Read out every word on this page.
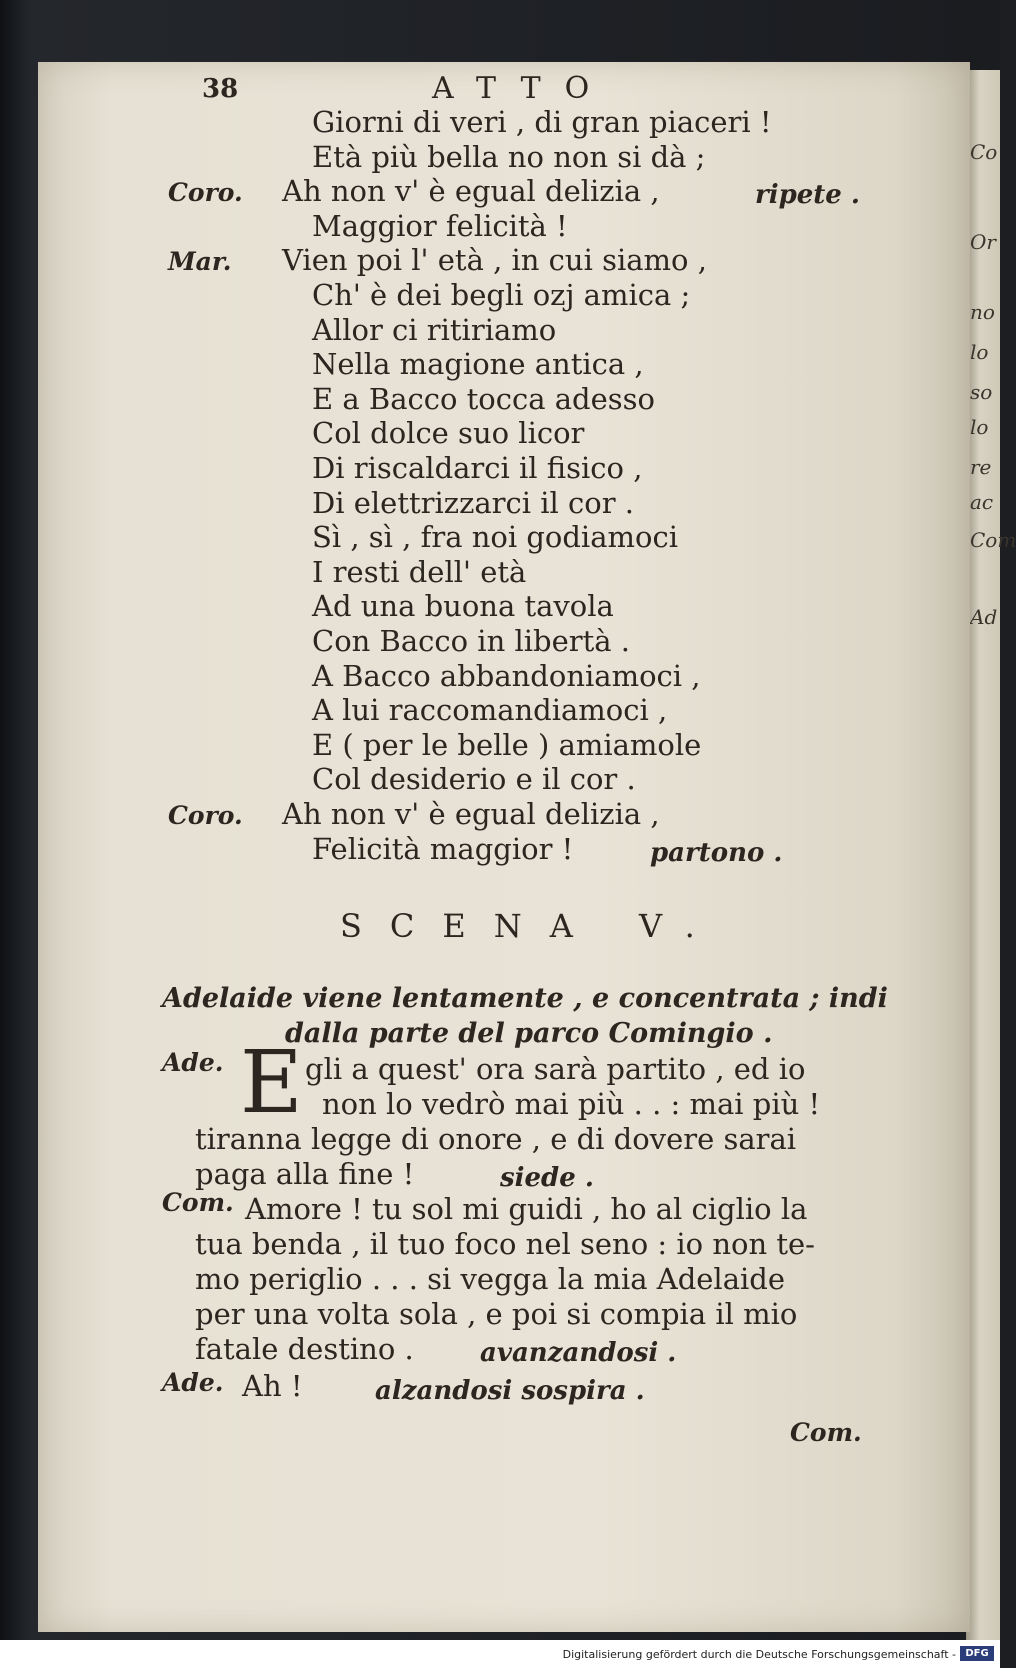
Co
Or
no
lo
so
lo
re
ac
Com
Ad
38	ATTO
Giorni di veri , di gran piaceri !
Età più bella no non si dà ;
Coro. Ah non v' è egual delizia ,	ripete .
Maggior felicità !
Mar. Vien poi l' età , in cui siamo ,
Ch' è dei begli ozj amica ;
Allor ci ritiriamo
Nella magione antica ,
E a Bacco tocca adesso
Col dolce suo licor
Di riscaldarci il fisico ,
Di elettrizzarci il cor .
Sì , sì , fra noi godiamoci
I resti dell' età
Ad una buona tavola
Con Bacco in libertà .
A Bacco abbandoniamoci ,
A lui raccomandiamoci ,
E ( per le belle ) amiamole
Col desiderio e il cor .
Coro. Ah non v' è egual delizia ,
Felicità maggior !	partono .
SCENA V.
Adelaide viene lentamente , e concentrata ; indi
dalla parte del parco Comingio .
Ade. E gli a quest' ora sarà partito , ed io
non lo vedrò mai più . . : mai più !
tiranna legge di onore , e di dovere sarai
paga alla fine !	siede .
Com. Amore ! tu sol mi guidi , ho al ciglio la
tua benda , il tuo foco nel seno : io non te-
mo periglio . . . si vegga la mia Adelaide
per una volta sola , e poi si compia il mio
fatale destino .	avanzandosi .
Ade. Ah !	alzandosi sospira .
Com.
Digitalisierung gefördert durch die Deutsche Forschungsgemeinschaft - DFG
